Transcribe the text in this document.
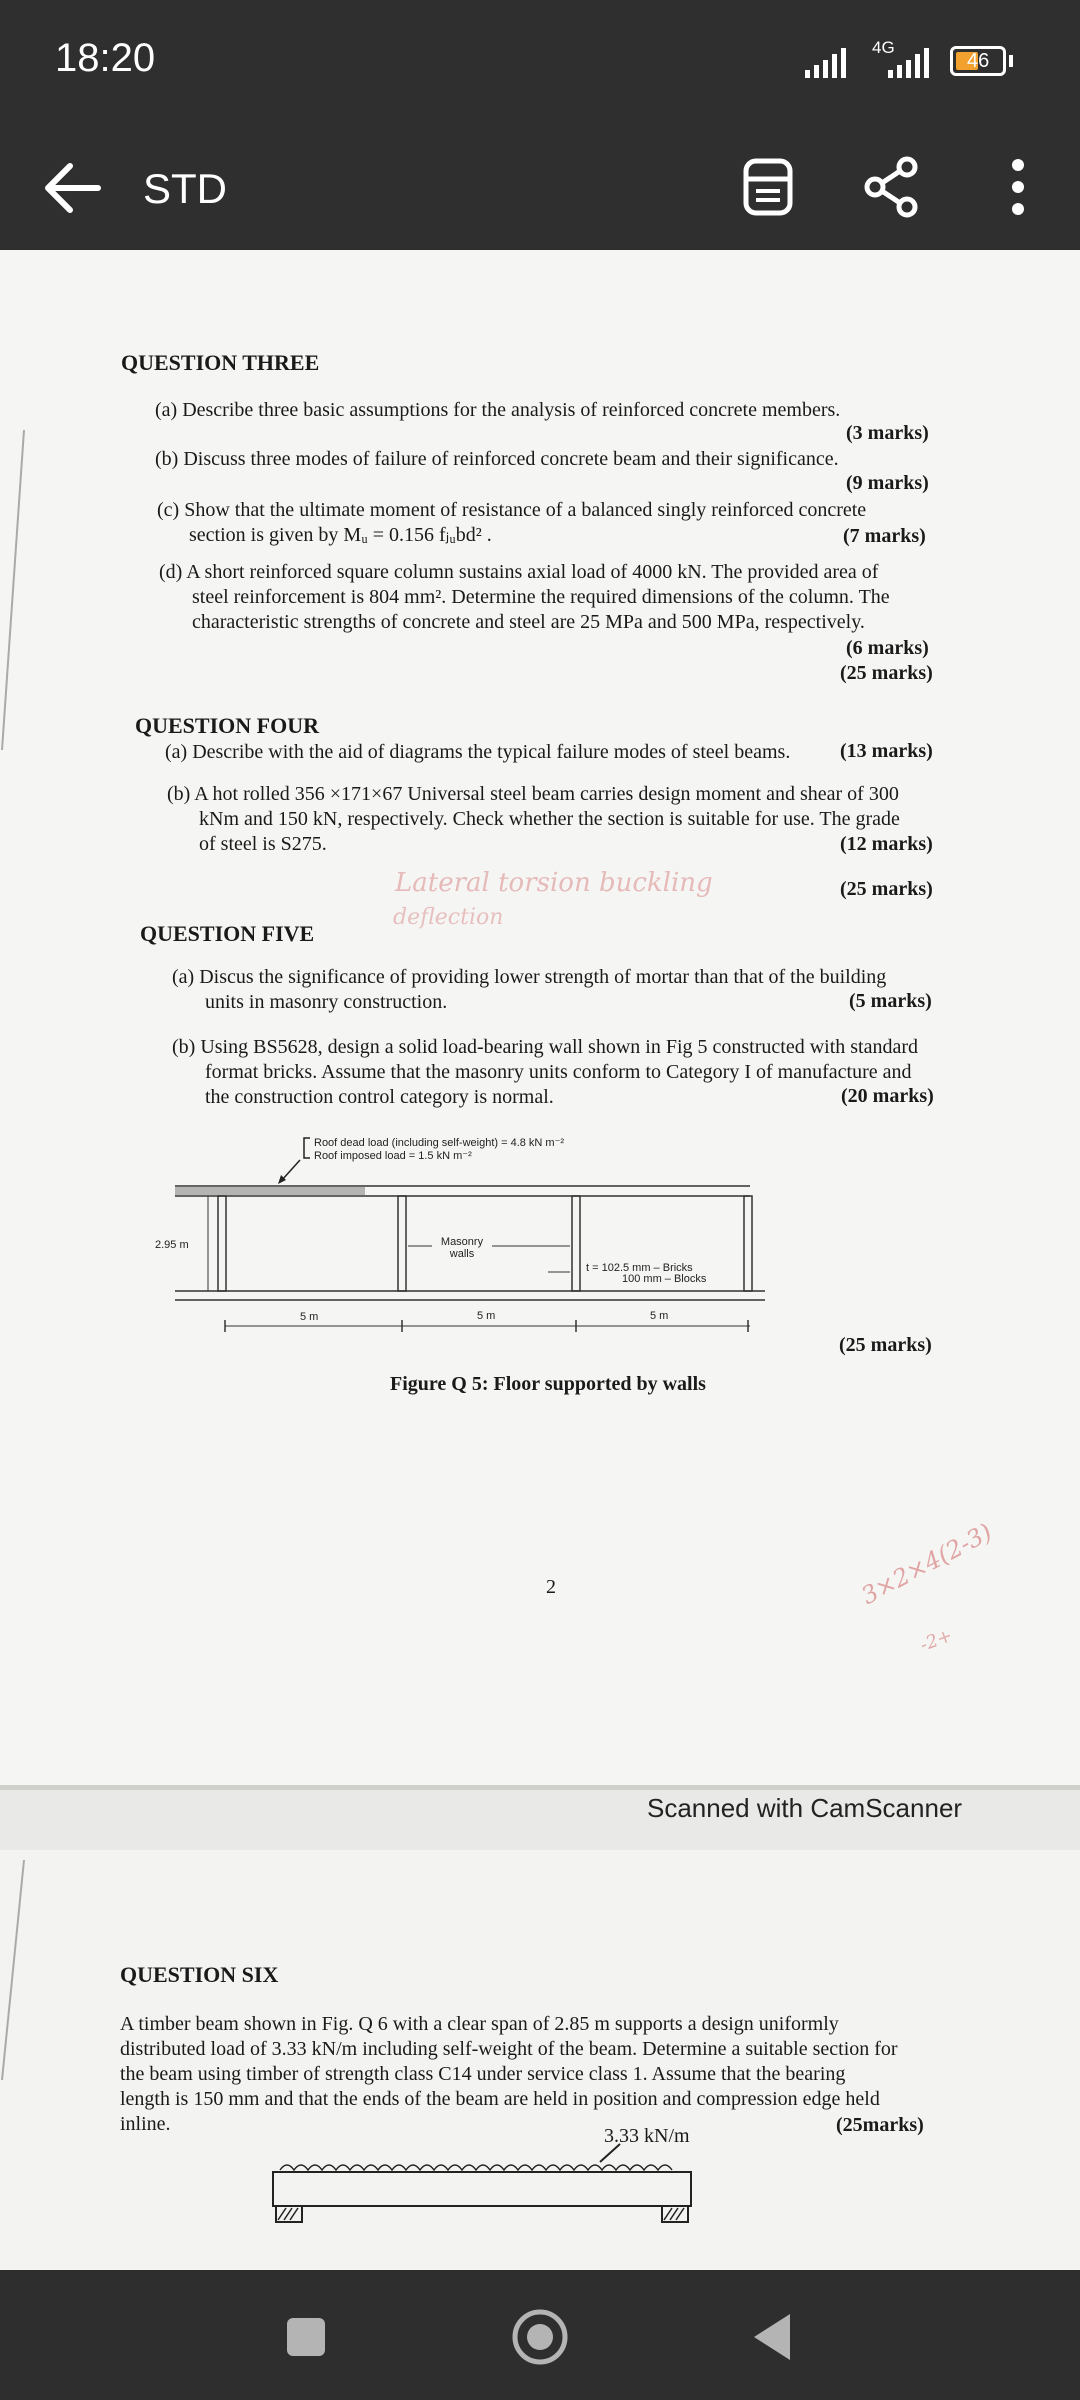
18:20	4G
46
STD
QUESTION THREE
(a) Describe three basic assumptions for the analysis of reinforced concrete members.
(3 marks)
(b) Discuss three modes of failure of reinforced concrete beam and their significance.
(9 marks)
(c) Show that the ultimate moment of resistance of a balanced singly reinforced concrete
section is given by Mᵤ = 0.156 fⱼᵤbd² .	(7 marks)
(d) A short reinforced square column sustains axial load of 4000 kN. The provided area of
steel reinforcement is 804 mm². Determine the required dimensions of the column. The
characteristic strengths of concrete and steel are 25 MPa and 500 MPa, respectively.
(6 marks)
(25 marks)
QUESTION FOUR
(a) Describe with the aid of diagrams the typical failure modes of steel beams. (13 marks)
(b) A hot rolled 356 ×171×67 Universal steel beam carries design moment and shear of 300
kNm and 150 kN, respectively. Check whether the section is suitable for use. The grade
of steel is S275.	(12 marks)
(25 marks)
Lateral torsion buckling
deflection
QUESTION FIVE
(a) Discus the significance of providing lower strength of mortar than that of the building
units in masonry construction.	(5 marks)
(b) Using BS5628, design a solid load-bearing wall shown in Fig 5 constructed with standard
format bricks. Assume that the masonry units conform to Category I of manufacture and
the construction control category is normal.	(20 marks)
Roof dead load (including self-weight) = 4.8 kN m⁻²
Roof imposed load = 1.5 kN m⁻²
2.95 m	Masonry
walls
t = 102.5 mm – Bricks
100 mm – Blocks
5 m	5 m	5 m
(25 marks)
Figure Q 5: Floor supported by walls
2	3×2×4(2-3)
-2+
Scanned with CamScanner
QUESTION SIX
A timber beam shown in Fig. Q 6 with a clear span of 2.85 m supports a design uniformly
distributed load of 3.33 kN/m including self-weight of the beam. Determine a suitable section for
the beam using timber of strength class C14 under service class 1. Assume that the bearing
length is 150 mm and that the ends of the beam are held in position and compression edge held
inline.	(25marks)
3.33 kN/m
